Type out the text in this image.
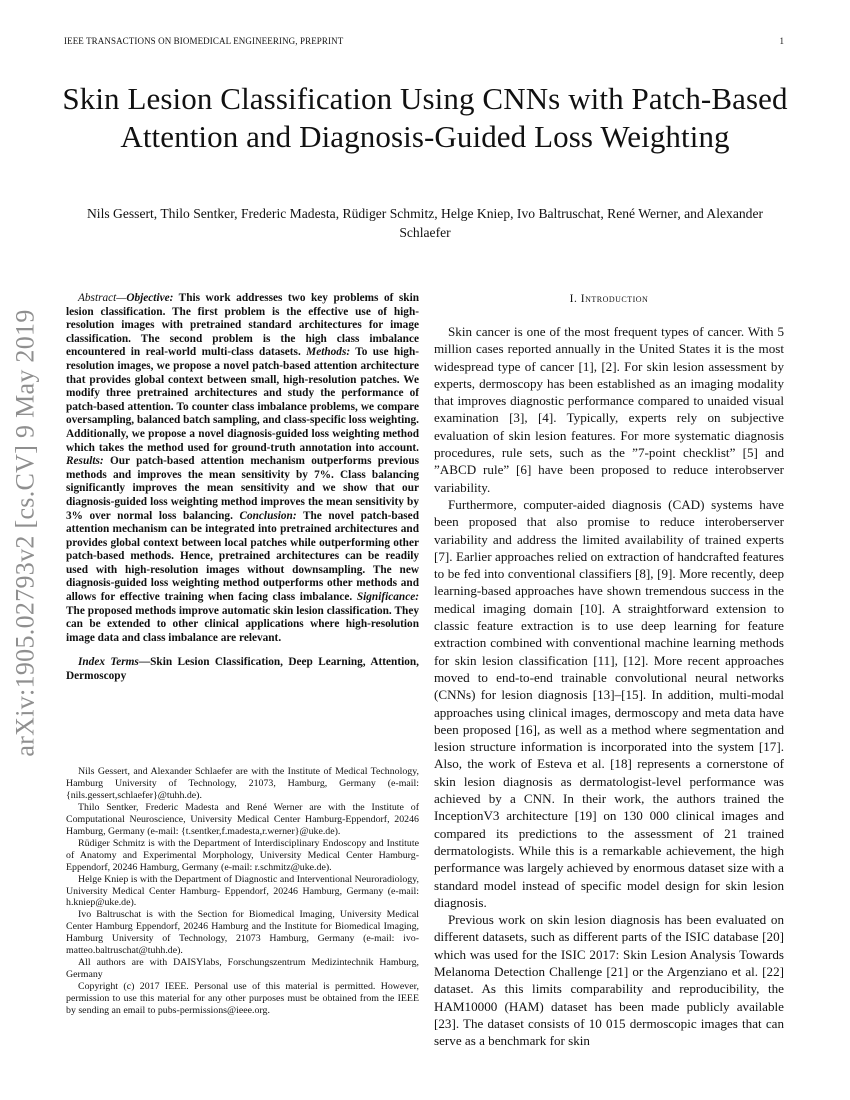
IEEE TRANSACTIONS ON BIOMEDICAL ENGINEERING, PREPRINT	1
Skin Lesion Classification Using CNNs with Patch-Based Attention and Diagnosis-Guided Loss Weighting
Nils Gessert, Thilo Sentker, Frederic Madesta, Rüdiger Schmitz, Helge Kniep, Ivo Baltruschat, René Werner, and Alexander Schlaefer
arXiv:1905.02793v2 [cs.CV] 9 May 2019

Abstract—Objective: This work addresses two key problems of skin lesion classification. The first problem is the effective use of high-resolution images with pretrained standard architectures for image classification. The second problem is the high class imbalance encountered in real-world multi-class datasets. Methods: To use high-resolution images, we propose a novel patch-based attention architecture that provides global context between small, high-resolution patches. We modify three pretrained architectures and study the performance of patch-based attention. To counter class imbalance problems, we compare oversampling, balanced batch sampling, and class-specific loss weighting. Additionally, we propose a novel diagnosis-guided loss weighting method which takes the method used for ground-truth annotation into account. Results: Our patch-based attention mechanism outperforms previous methods and improves the mean sensitivity by 7%. Class balancing significantly improves the mean sensitivity and we show that our diagnosis-guided loss weighting method improves the mean sensitivity by 3% over normal loss balancing. Conclusion: The novel patch-based attention mechanism can be integrated into pretrained architectures and provides global context between local patches while outperforming other patch-based methods. Hence, pretrained architectures can be readily used with high-resolution images without downsampling. The new diagnosis-guided loss weighting method outperforms other methods and allows for effective training when facing class imbalance. Significance: The proposed methods improve automatic skin lesion classification. They can be extended to other clinical applications where high-resolution image data and class imbalance are relevant.

Index Terms—Skin Lesion Classification, Deep Learning, Attention, Dermoscopy

Nils Gessert, and Alexander Schlaefer are with the Institute of Medical Technology, Hamburg University of Technology, 21073, Hamburg, Germany (e-mail: {nils.gessert,schlaefer}@tuhh.de).

Thilo Sentker, Frederic Madesta and René Werner are with the Institute of Computational Neuroscience, University Medical Center Hamburg-Eppendorf, 20246 Hamburg, Germany (e-mail: {t.sentker,f.madesta,r.werner}@uke.de).

Rüdiger Schmitz is with the Department of Interdisciplinary Endoscopy and Institute of Anatomy and Experimental Morphology, University Medical Center Hamburg-Eppendorf, 20246 Hamburg, Germany (e-mail: r.schmitz@uke.de).

Helge Kniep is with the Department of Diagnostic and Interventional Neuroradiology, University Medical Center Hamburg- Eppendorf, 20246 Hamburg, Germany (e-mail: h.kniep@uke.de).

Ivo Baltruschat is with the Section for Biomedical Imaging, University Medical Center Hamburg Eppendorf, 20246 Hamburg and the Institute for Biomedical Imaging, Hamburg University of Technology, 21073 Hamburg, Germany (e-mail: ivo-matteo.baltruschat@tuhh.de).

All authors are with DAISYlabs, Forschungszentrum Medizintechnik Hamburg, Germany

Copyright (c) 2017 IEEE. Personal use of this material is permitted. However, permission to use this material for any other purposes must be obtained from the IEEE by sending an email to pubs-permissions@ieee.org.

I. Introduction

Skin cancer is one of the most frequent types of cancer. With 5 million cases reported annually in the United States it is the most widespread type of cancer [1], [2]. For skin lesion assessment by experts, dermoscopy has been established as an imaging modality that improves diagnostic performance compared to unaided visual examination [3], [4]. Typically, experts rely on subjective evaluation of skin lesion features. For more systematic diagnosis procedures, rule sets, such as the ”7-point checklist” [5] and ”ABCD rule” [6] have been proposed to reduce interobserver variability.

Furthermore, computer-aided diagnosis (CAD) systems have been proposed that also promise to reduce interoberserver variability and address the limited availability of trained experts [7]. Earlier approaches relied on extraction of handcrafted features to be fed into conventional classifiers [8], [9]. More recently, deep learning-based approaches have shown tremendous success in the medical imaging domain [10]. A straightforward extension to classic feature extraction is to use deep learning for feature extraction combined with conventional machine learning methods for skin lesion classification [11], [12]. More recent approaches moved to end-to-end trainable convolutional neural networks (CNNs) for lesion diagnosis [13]–[15]. In addition, multi-modal approaches using clinical images, dermoscopy and meta data have been proposed [16], as well as a method where segmentation and lesion structure information is incorporated into the system [17]. Also, the work of Esteva et al. [18] represents a cornerstone of skin lesion diagnosis as dermatologist-level performance was achieved by a CNN. In their work, the authors trained the InceptionV3 architecture [19] on 130 000 clinical images and compared its predictions to the assessment of 21 trained dermatologists. While this is a remarkable achievement, the high performance was largely achieved by enormous dataset size with a standard model instead of specific model design for skin lesion diagnosis.

Previous work on skin lesion diagnosis has been evaluated on different datasets, such as different parts of the ISIC database [20] which was used for the ISIC 2017: Skin Lesion Analysis Towards Melanoma Detection Challenge [21] or the Argenziano et al. [22] dataset. As this limits comparability and reproducibility, the HAM10000 (HAM) dataset has been made publicly available [23]. The dataset consists of 10 015 dermoscopic images that can serve as a benchmark for skin
